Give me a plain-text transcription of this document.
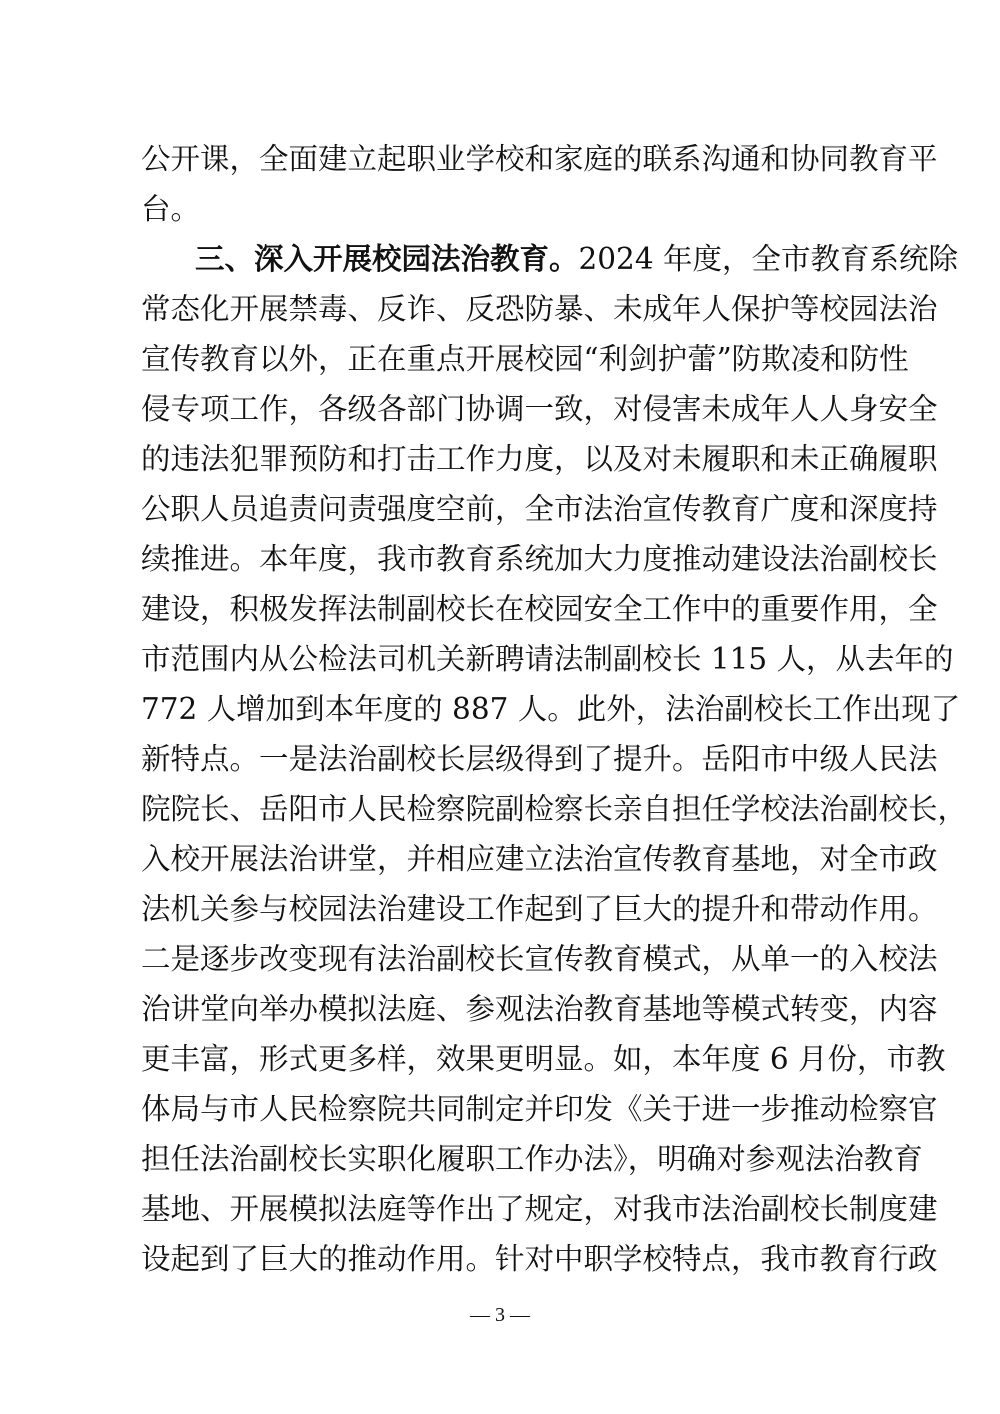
公开课，全面建立起职业学校和家庭的联系沟通和协同教育平
台。
三、深入开展校园法治教育。2024 年度，全市教育系统除
常态化开展禁毒、反诈、反恐防暴、未成年人保护等校园法治
宣传教育以外，正在重点开展校园“利剑护蕾”防欺凌和防性
侵专项工作，各级各部门协调一致，对侵害未成年人人身安全
的违法犯罪预防和打击工作力度，以及对未履职和未正确履职
公职人员追责问责强度空前，全市法治宣传教育广度和深度持
续推进。本年度，我市教育系统加大力度推动建设法治副校长
建设，积极发挥法制副校长在校园安全工作中的重要作用，全
市范围内从公检法司机关新聘请法制副校长 115 人，从去年的
772 人增加到本年度的 887 人。此外，法治副校长工作出现了
新特点。一是法治副校长层级得到了提升。岳阳市中级人民法
院院长、岳阳市人民检察院副检察长亲自担任学校法治副校长，
入校开展法治讲堂，并相应建立法治宣传教育基地，对全市政
法机关参与校园法治建设工作起到了巨大的提升和带动作用。
二是逐步改变现有法治副校长宣传教育模式，从单一的入校法
治讲堂向举办模拟法庭、参观法治教育基地等模式转变，内容
更丰富，形式更多样，效果更明显。如，本年度 6 月份，市教
体局与市人民检察院共同制定并印发《关于进一步推动检察官
担任法治副校长实职化履职工作办法》，明确对参观法治教育
基地、开展模拟法庭等作出了规定，对我市法治副校长制度建
设起到了巨大的推动作用。针对中职学校特点，我市教育行政
— 3 —
